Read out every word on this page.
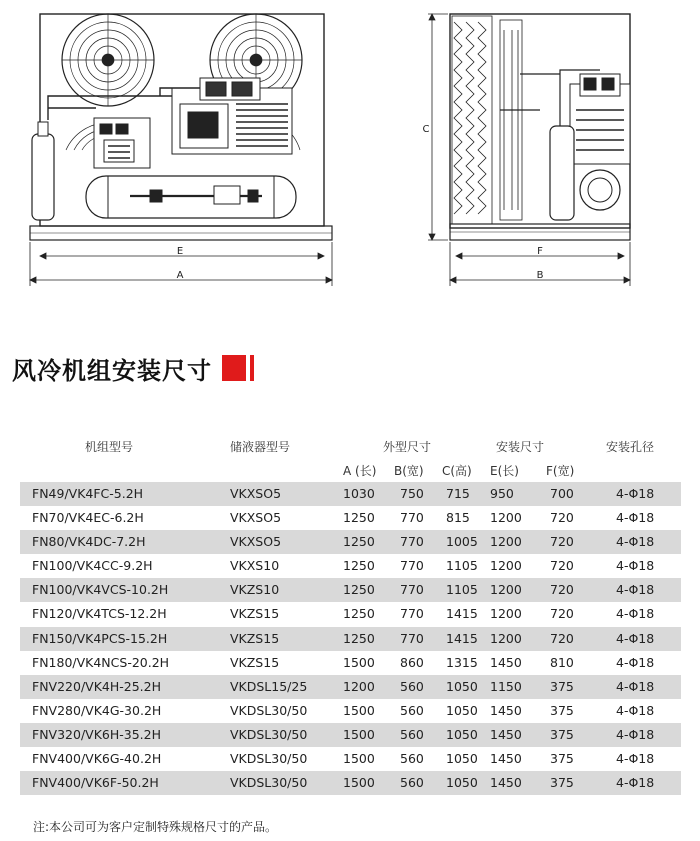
E
A
C
F
B
风冷机组安装尺寸
机组型号	储液器型号	外型尺寸	安装尺寸	安装孔径
A (长) B(宽) C(高) E(长) F(宽)
FN49/VK4FC-5.2H	VKXSO5	1030 750 715 950	700	4-Φ18
FN70/VK4EC-6.2H	VKXSO5	1250 770 815 1200 720	4-Φ18
FN80/VK4DC-7.2H	VKXSO5	1250 770 1005 1200 720	4-Φ18
FN100/VK4CC-9.2H	VKXS10	1250 770 1105 1200 720	4-Φ18
FN100/VK4VCS-10.2H	VKZS10	1250 770 1105 1200 720	4-Φ18
FN120/VK4TCS-12.2H	VKZS15	1250 770 1415 1200 720	4-Φ18
FN150/VK4PCS-15.2H	VKZS15	1250 770 1415 1200 720	4-Φ18
FN180/VK4NCS-20.2H	VKZS15	1500 860 1315 1450 810	4-Φ18
FNV220/VK4H-25.2H	VKDSL15/25	1200 560 1050 1150 375	4-Φ18
FNV280/VK4G-30.2H	VKDSL30/50	1500 560 1050 1450 375	4-Φ18
FNV320/VK6H-35.2H	VKDSL30/50	1500 560 1050 1450 375	4-Φ18
FNV400/VK6G-40.2H	VKDSL30/50	1500 560 1050 1450 375	4-Φ18
FNV400/VK6F-50.2H	VKDSL30/50	1500 560 1050 1450 375	4-Φ18
注:本公司可为客户定制特殊规格尺寸的产品。
